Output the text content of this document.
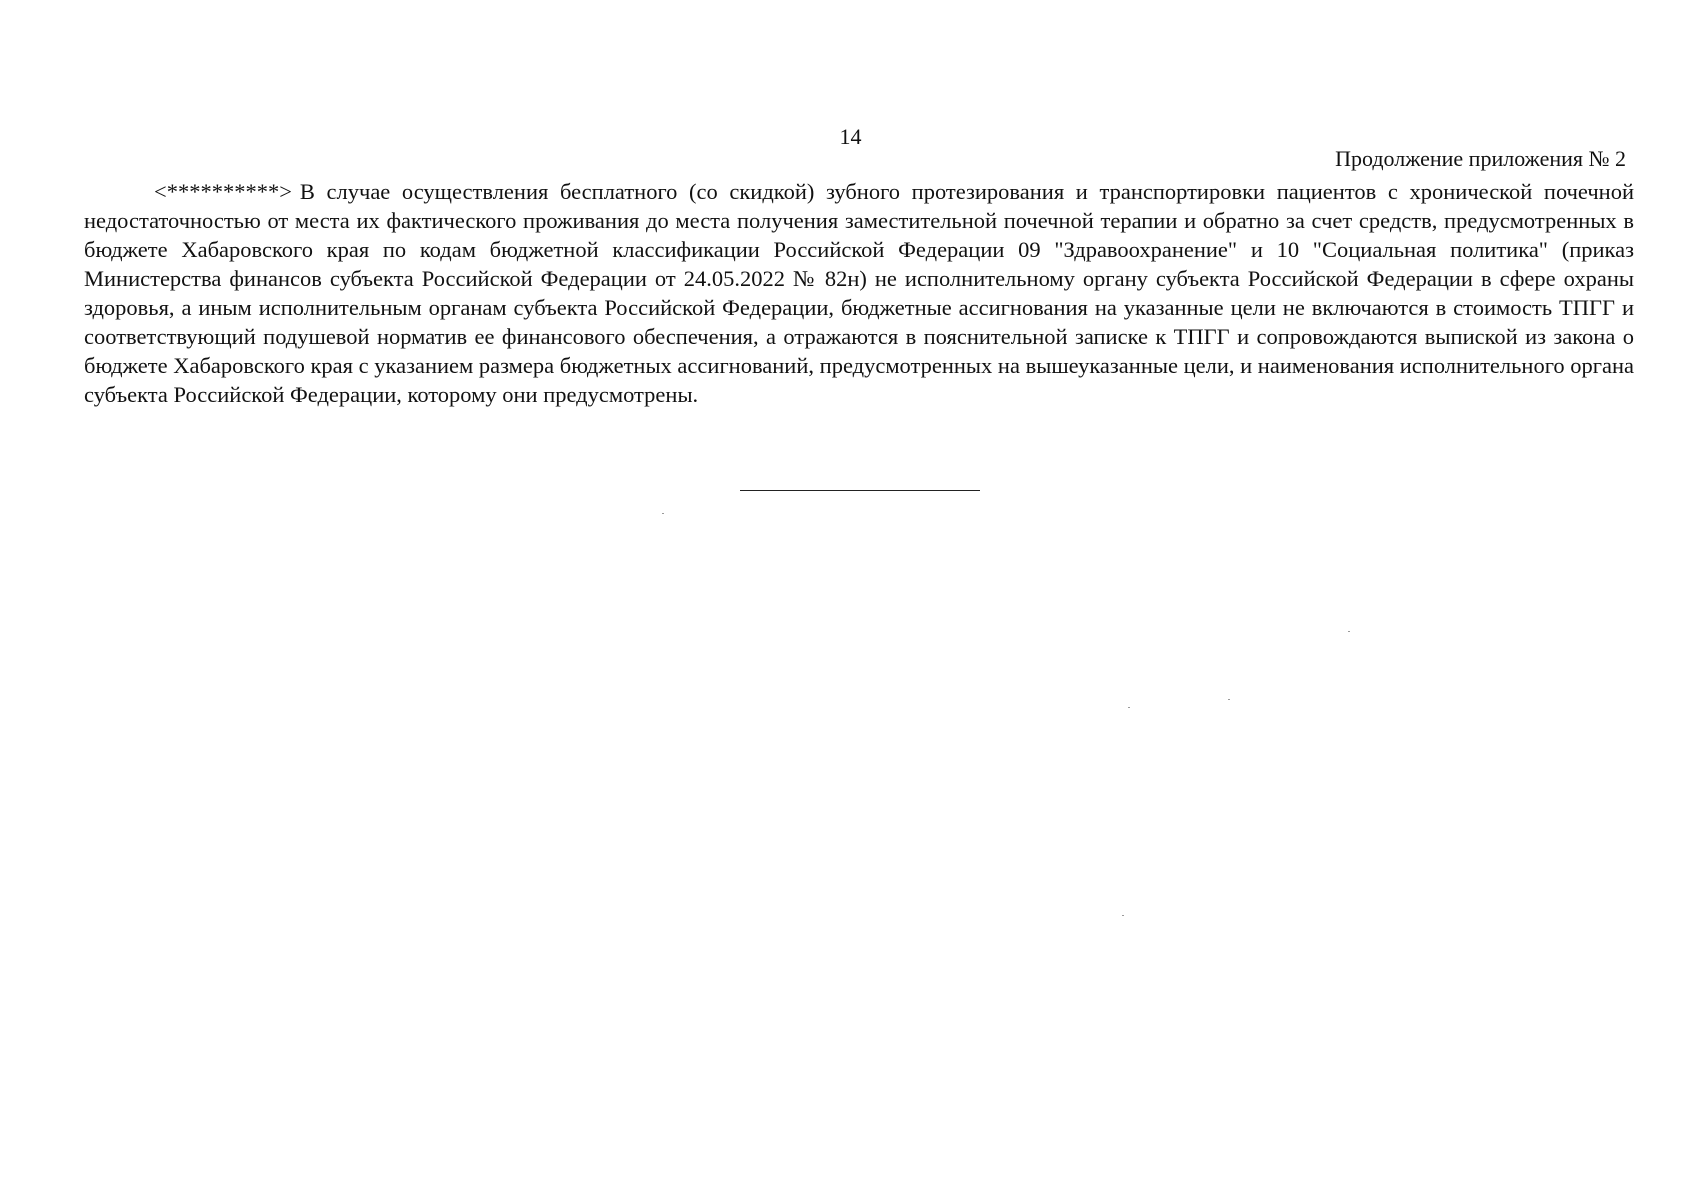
14
Продолжение приложения № 2

<**********> В случае осуществления бесплатного (со скидкой) зубного протезирования и транспортировки пациентов с хронической почечной недостаточностью от места их фактического проживания до места получения заместительной почечной терапии и обратно за счет средств, предусмотренных в бюджете Хабаровского края по кодам бюджетной классификации Российской Федерации 09 "Здравоохранение" и 10 "Социальная политика" (приказ Министерства финансов субъекта Российской Федерации от 24.05.2022 № 82н) не исполнительному органу субъекта Российской Федерации в сфере охраны здоровья, а иным исполнительным органам субъекта Российской Федерации, бюджетные ассигнования на указанные цели не включаются в стоимость ТПГГ и соответствующий подушевой норматив ее финансового обеспечения, а отражаются в пояснительной записке к ТПГГ и сопровождаются выпиской из закона о бюджете Хабаровского края с указанием размера бюджетных ассигнований, предусмотренных на вышеуказанные цели, и наименования исполнительного органа субъекта Российской Федерации, которому они предусмотрены.
